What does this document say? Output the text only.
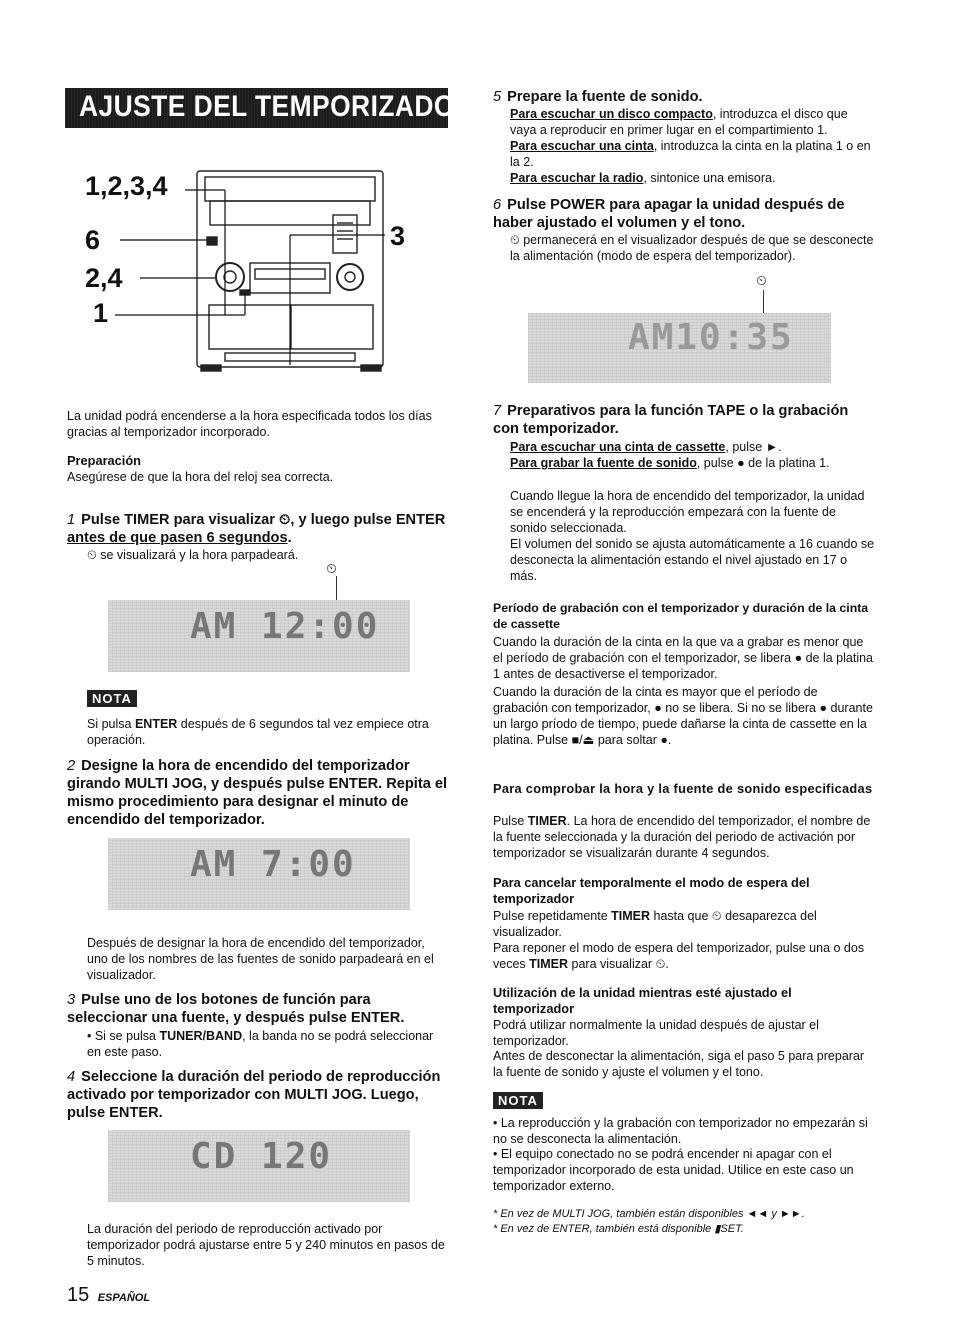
AJUSTE DEL TEMPORIZADOR
1,2,3,4
6
2,4
1
3
La unidad podrá encenderse a la hora especificada todos los días gracias al temporizador incorporado.
Preparación
Asegúrese de que la hora del reloj sea correcta.
1 Pulse TIMER para visualizar ⏲, y luego pulse ENTER antes de que pasen 6 segundos.
⏲ se visualizará y la hora parpadeará.
⏲
AM 12:00
NOTA
Si pulsa ENTER después de 6 segundos tal vez empiece otra operación.
2 Designe la hora de encendido del temporizador girando MULTI JOG, y después pulse ENTER. Repita el mismo procedimiento para designar el minuto de encendido del temporizador.
AM 7:00
Después de designar la hora de encendido del temporizador, uno de los nombres de las fuentes de sonido parpadeará en el visualizador.
3 Pulse uno de los botones de función para seleccionar una fuente, y después pulse ENTER.
• Si se pulsa TUNER/BAND, la banda no se podrá seleccionar en este paso.
4 Seleccione la duración del periodo de reproducción activado por temporizador con MULTI JOG. Luego, pulse ENTER.
CD 120
La duración del periodo de reproducción activado por temporizador podrá ajustarse entre 5 y 240 minutos en pasos de 5 minutos.
15 ESPAÑOL
5 Prepare la fuente de sonido.
Para escuchar un disco compacto, introduzca el disco que vaya a reproducir en primer lugar en el compartimiento 1.
Para escuchar una cinta, introduzca la cinta en la platina 1 o en la 2.
Para escuchar la radio, sintonice una emisora.
6 Pulse POWER para apagar la unidad después de haber ajustado el volumen y el tono.
⏲ permanecerá en el visualizador después de que se desconecte la alimentación (modo de espera del temporizador).
⏲
AM10:35
7 Preparativos para la función TAPE o la grabación con temporizador.
Para escuchar una cinta de cassette, pulse ►.
Para grabar la fuente de sonido, pulse ● de la platina 1.
Cuando llegue la hora de encendido del temporizador, la unidad se encenderá y la reproducción empezará con la fuente de sonido seleccionada.
El volumen del sonido se ajusta automáticamente a 16 cuando se desconecta la alimentación estando el nivel ajustado en 17 o más.
Período de grabación con el temporizador y duración de la cinta de cassette
Cuando la duración de la cinta en la que va a grabar es menor que el período de grabación con el temporizador, se libera ● de la platina 1 antes de desactiverse el temporizador.
Cuando la duración de la cinta es mayor que el período de grabación con temporizador, ● no se libera. Si no se libera ● durante un largo príodo de tiempo, puede dañarse la cinta de cassette en la platina. Pulse ■/⏏ para soltar ●.
Para comprobar la hora y la fuente de sonido especificadas
Pulse TIMER. La hora de encendido del temporizador, el nombre de la fuente seleccionada y la duración del periodo de activación por temporizador se visualizarán durante 4 segundos.
Para cancelar temporalmente el modo de espera del temporizador
Pulse repetidamente TIMER hasta que ⏲ desaparezca del visualizador.
Para reponer el modo de espera del temporizador, pulse una o dos veces TIMER para visualizar ⏲.
Utilización de la unidad mientras esté ajustado el temporizador
Podrá utilizar normalmente la unidad después de ajustar el temporizador.
Antes de desconectar la alimentación, siga el paso 5 para preparar la fuente de sonido y ajuste el volumen y el tono.
NOTA
• La reproducción y la grabación con temporizador no empezarán si no se desconecta la alimentación.
• El equipo conectado no se podrá encender ni apagar con el temporizador incorporado de esta unidad. Utilice en este caso un temporizador externo.
* En vez de MULTI JOG, también están disponibles ◄◄ y ►►.
* En vez de ENTER, también está disponible ▮SET.
